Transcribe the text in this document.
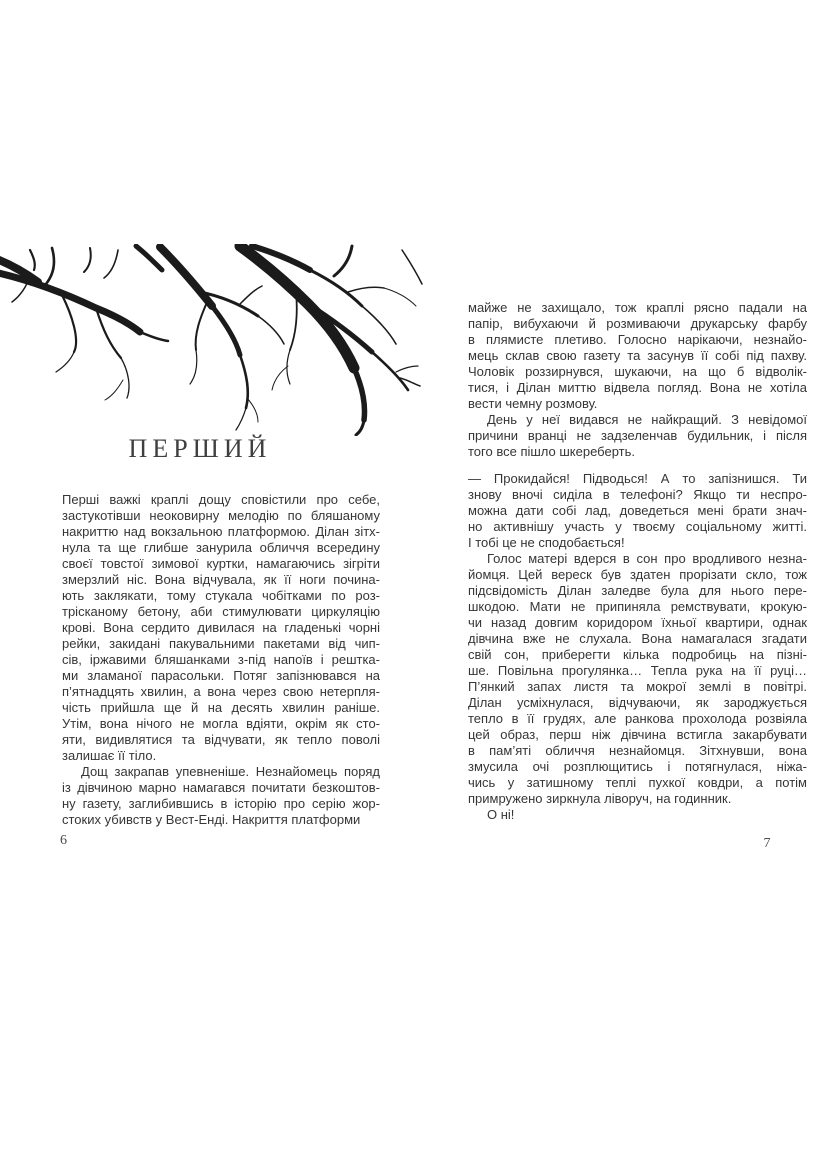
ПЕРШИЙ
Перші важкі краплі дощу сповістили про себе,
застукотівши неоковирну мелодію по бляшаному
накриттю над вокзальною платформою. Ділан зітх-
нула та ще глибше занурила обличчя всередину
своєї товстої зимової куртки, намагаючись зігріти
змерзлий ніс. Вона відчувала, як її ноги почина-
ють заклякати, тому стукала чобітками по роз-
трісканому бетону, аби стимулювати циркуляцію
крові. Вона сердито дивилася на гладенькі чорні
рейки, закидані пакувальними пакетами від чип-
сів, іржавими бляшанками з-під напоїв і рештка-
ми зламаної парасольки. Потяг запізнювався на
п’ятнадцять хвилин, а вона через свою нетерпля-
чість прийшла ще й на десять хвилин раніше.
Утім, вона нічого не могла вдіяти, окрім як сто-
яти, видивлятися та відчувати, як тепло поволі
залишає її тіло.
Дощ закрапав упевненіше. Незнайомець поряд
із дівчиною марно намагався почитати безкоштов-
ну газету, заглибившись в історію про серію жор-
стоких убивств у Вест-Енді. Накриття платформи
майже не захищало, тож краплі рясно падали на
папір, вибухаючи й розмиваючи друкарську фарбу
в плямисте плетиво. Голосно нарікаючи, незнайо-
мець склав свою газету та засунув її собі під пахву.
Чоловік роззирнувся, шукаючи, на що б відволік-
тися, і Ділан миттю відвела погляд. Вона не хотіла
вести чемну розмову.
День у неї видався не найкращий. З невідомої
причини вранці не задзеленчав будильник, і після
того все пішло шкереберть.
— Прокидайся! Підводься! А то запізнишся. Ти
знову вночі сиділа в телефоні? Якщо ти неспро-
можна дати собі лад, доведеться мені брати знач-
но активнішу участь у твоєму соціальному житті.
І тобі це не сподобається!
Голос матері вдерся в сон про вродливого незна-
йомця. Цей вереск був здатен прорізати скло, тож
підсвідомість Ділан заледве була для нього пере-
шкодою. Мати не припиняла ремствувати, крокую-
чи назад довгим коридором їхньої квартири, однак
дівчина вже не слухала. Вона намагалася згадати
свій сон, приберегти кілька подробиць на пізні-
ше. Повільна прогулянка… Тепла рука на її руці…
П’янкий запах листя та мокрої землі в повітрі.
Ділан усміхнулася, відчуваючи, як зароджується
тепло в її грудях, але ранкова прохолода розвіяла
цей образ, перш ніж дівчина встигла закарбувати
в пам’яті обличчя незнайомця. Зітхнувши, вона
змусила очі розплющитись і потягнулася, ніжа-
чись у затишному теплі пухкої ковдри, а потім
примружено зиркнула ліворуч, на годинник.
О ні!
6	7
